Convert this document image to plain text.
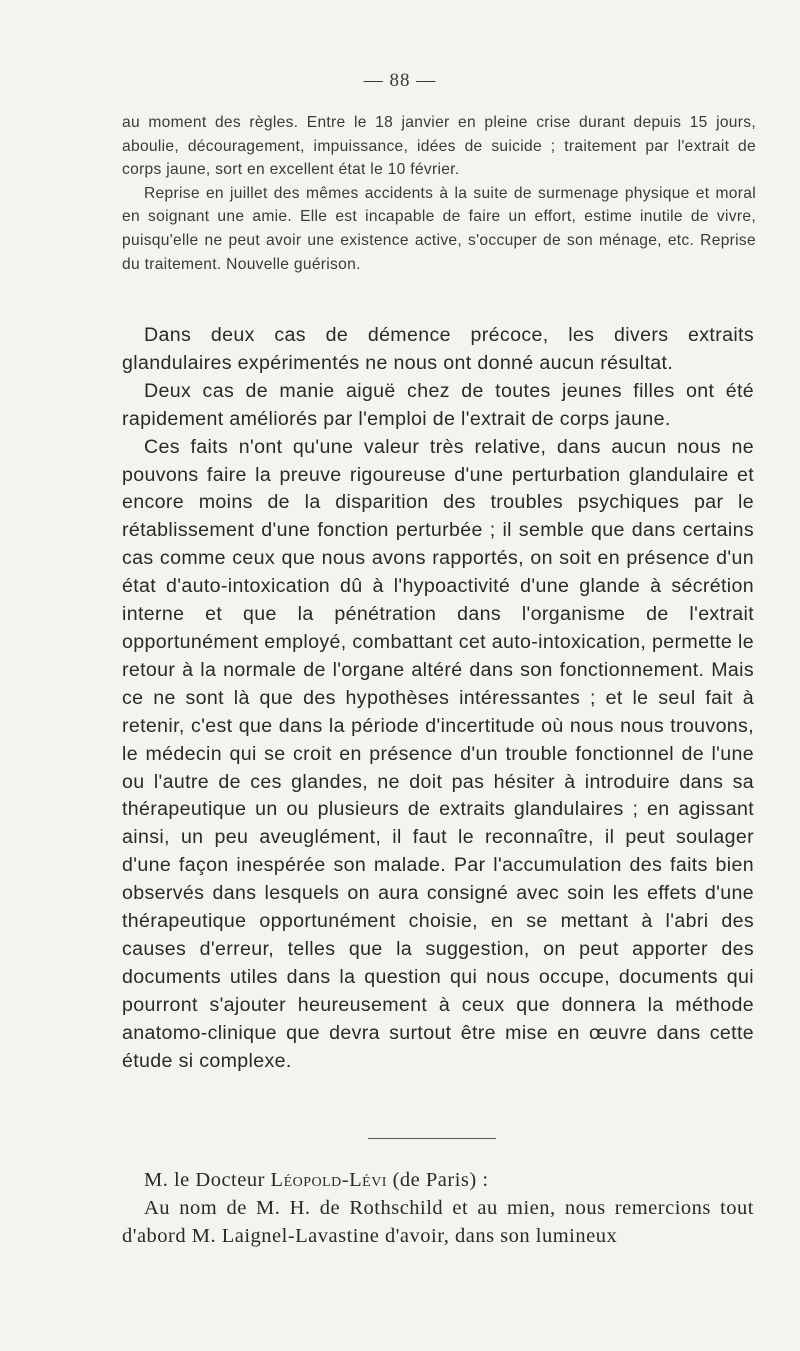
— 88 —

au moment des règles. Entre le 18 janvier en pleine crise durant depuis 15 jours, aboulie, découragement, impuissance, idées de suicide ; traitement par l'extrait de corps jaune, sort en excellent état le 10 février.

Reprise en juillet des mêmes accidents à la suite de surmenage physique et moral en soignant une amie. Elle est incapable de faire un effort, estime inutile de vivre, puisqu'elle ne peut avoir une existence active, s'occuper de son ménage, etc. Reprise du traitement. Nouvelle guérison.

Dans deux cas de démence précoce, les divers extraits glandulaires expérimentés ne nous ont donné aucun résultat.

Deux cas de manie aiguë chez de toutes jeunes filles ont été rapidement améliorés par l'emploi de l'extrait de corps jaune.

Ces faits n'ont qu'une valeur très relative, dans aucun nous ne pouvons faire la preuve rigoureuse d'une perturbation glandulaire et encore moins de la disparition des troubles psychiques par le rétablissement d'une fonction perturbée ; il semble que dans certains cas comme ceux que nous avons rapportés, on soit en présence d'un état d'auto-intoxication dû à l'hypoactivité d'une glande à sécrétion interne et que la pénétration dans l'organisme de l'extrait opportunément employé, combattant cet auto-intoxication, permette le retour à la normale de l'organe altéré dans son fonctionnement. Mais ce ne sont là que des hypothèses intéressantes ; et le seul fait à retenir, c'est que dans la période d'incertitude où nous nous trouvons, le médecin qui se croit en présence d'un trouble fonctionnel de l'une ou l'autre de ces glandes, ne doit pas hésiter à introduire dans sa thérapeutique un ou plusieurs de extraits glandulaires ; en agissant ainsi, un peu aveuglément, il faut le reconnaître, il peut soulager d'une façon inespérée son malade. Par l'accumulation des faits bien observés dans lesquels on aura consigné avec soin les effets d'une thérapeutique opportunément choisie, en se mettant à l'abri des causes d'erreur, telles que la suggestion, on peut apporter des documents utiles dans la question qui nous occupe, documents qui pourront s'ajouter heureusement à ceux que donnera la méthode anatomo-clinique que devra surtout être mise en œuvre dans cette étude si complexe.

M. le Docteur Léopold-Lévi (de Paris) :

Au nom de M. H. de Rothschild et au mien, nous remercions tout d'abord M. Laignel-Lavastine d'avoir, dans son lumineux
